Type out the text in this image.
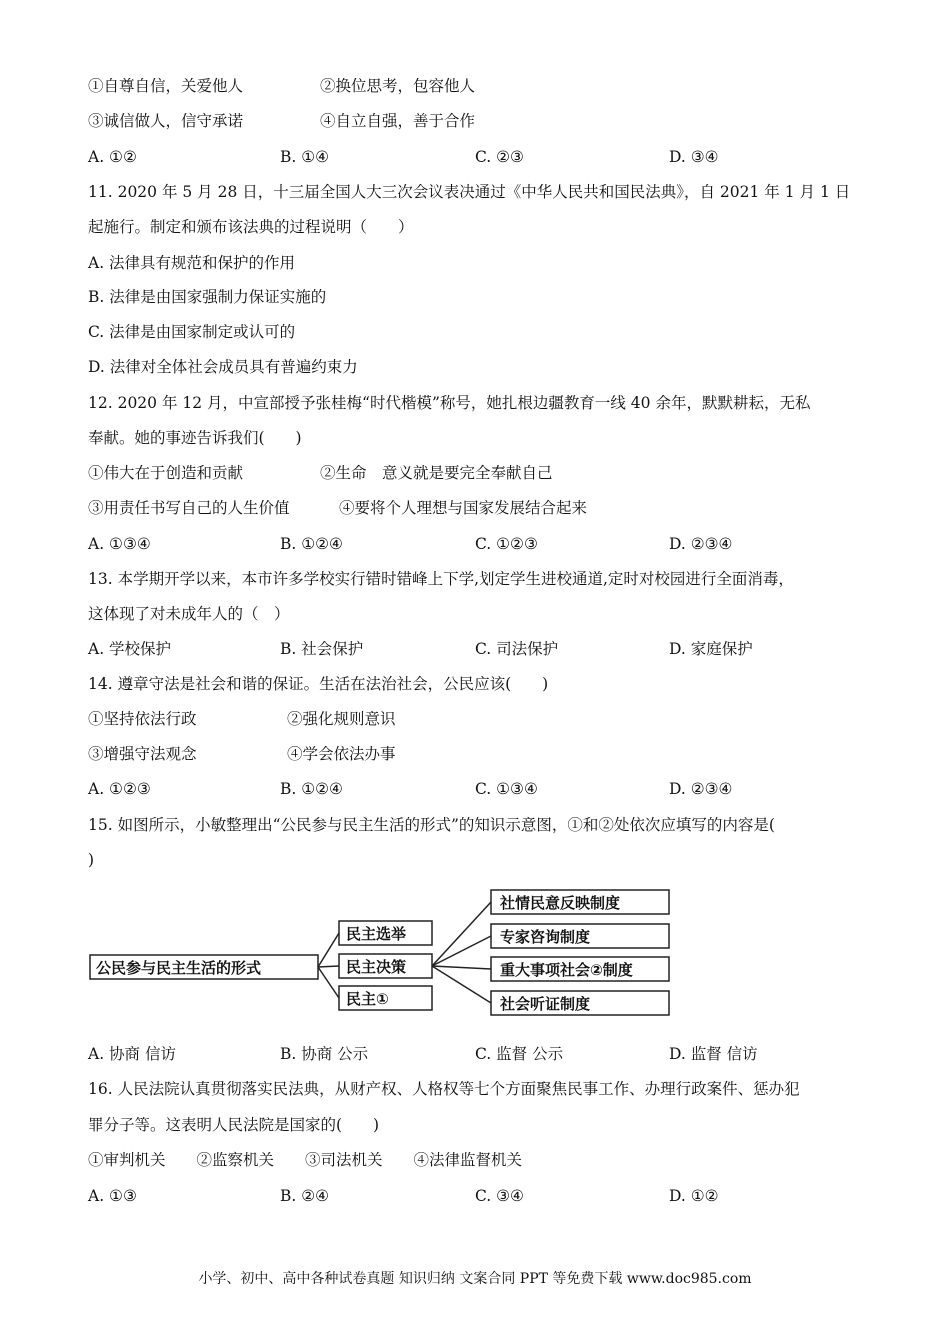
①自尊自信，关爱他人	②换位思考，包容他人
③诚信做人，信守承诺	④自立自强，善于合作
A. ①②	B. ①④	C. ②③	D. ③④
11. 2020 年 5 月 28 日，十三届全国人大三次会议表决通过《中华人民共和国民法典》，自 2021 年 1 月 1 日
起施行。制定和颁布该法典的过程说明（　　）
A. 法律具有规范和保护的作用
B. 法律是由国家强制力保证实施的
C. 法律是由国家制定或认可的
D. 法律对全体社会成员具有普遍约束力
12. 2020 年 12 月，中宣部授予张桂梅“时代楷模”称号，她扎根边疆教育一线 40 余年，默默耕耘，无私
奉献。她的事迹告诉我们(　　)
①伟大在于创造和贡献	②生命　意义就是要完全奉献自己
③用责任书写自己的人生价值	④要将个人理想与国家发展结合起来
A. ①③④	B. ①②④	C. ①②③	D. ②③④
13. 本学期开学以来，本市许多学校实行错时错峰上下学,划定学生进校通道,定时对校园进行全面消毒，
这体现了对未成年人的（　）
A. 学校保护	B. 社会保护	C. 司法保护	D. 家庭保护
14. 遵章守法是社会和谐的保证。生活在法治社会，公民应该(　　)
①坚持依法行政	②强化规则意识
③增强守法观念	④学会依法办事
A. ①②③	B. ①②④	C. ①③④	D. ②③④
15. 如图所示，小敏整理出“公民参与民主生活的形式”的知识示意图，①和②处依次应填写的内容是(
)
公民参与民主生活的形式
民主选举
民主决策
民主①
社情民意反映制度
专家咨询制度
重大事项社会②制度
社会听证制度
A. 协商 信访	B. 协商 公示	C. 监督 公示	D. 监督 信访
16. 人民法院认真贯彻落实民法典，从财产权、人格权等七个方面聚焦民事工作、办理行政案件、惩办犯
罪分子等。这表明人民法院是国家的(　　)
①审判机关　　②监察机关　　③司法机关　　④法律监督机关
A. ①③	B. ②④	C. ③④	D. ①②
小学、初中、高中各种试卷真题 知识归纳 文案合同 PPT 等免费下载 www.doc985.com
